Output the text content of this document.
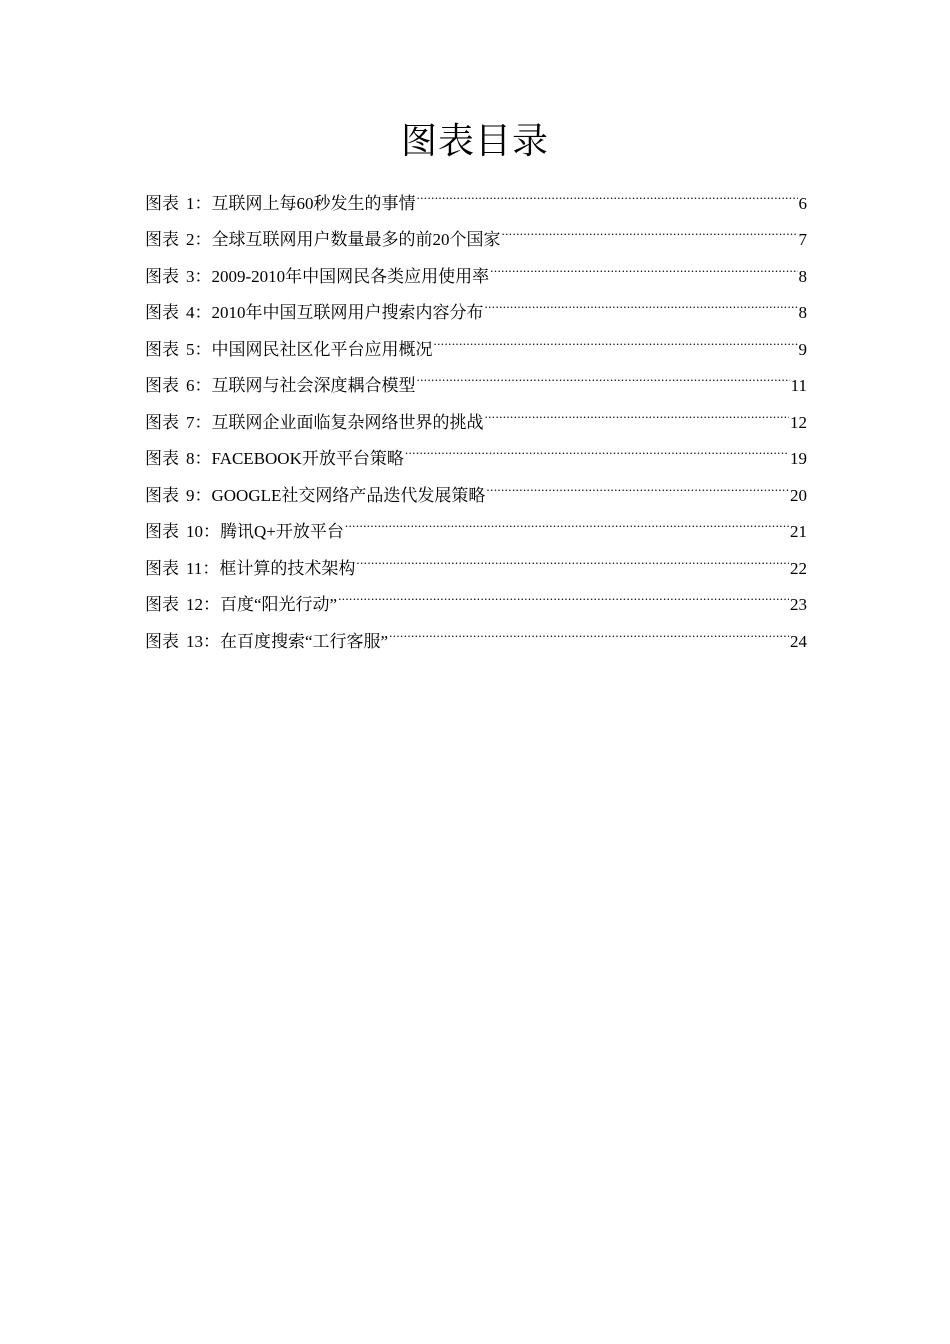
图表目录
图表 1 ： 互联网上每60秒发生的事情 .....	6
图表 2 ： 全球互联网用户数量最多的前20个国家 .....	7
图表 3 ： 2009-2010年中国网民各类应用使用率 .....	8
图表 4 ： 2010年中国互联网用户搜索内容分布 .....	8
图表 5 ： 中国网民社区化平台应用概况 .....	9
图表 6 ： 互联网与社会深度耦合模型 .....	11
图表 7 ： 互联网企业面临复杂网络世界的挑战 .....	12
图表 8 ： FACEBOOK开放平台策略 .....	19
图表 9 ： GOOGLE社交网络产品迭代发展策略 .....	20
图表 10 ： 腾讯Q+开放平台 .....	21
图表 11 ： 框计算的技术架构 .....	22
图表 12 ： 百度“阳光行动” .....	23
图表 13 ： 在百度搜索“工行客服” .....	24
